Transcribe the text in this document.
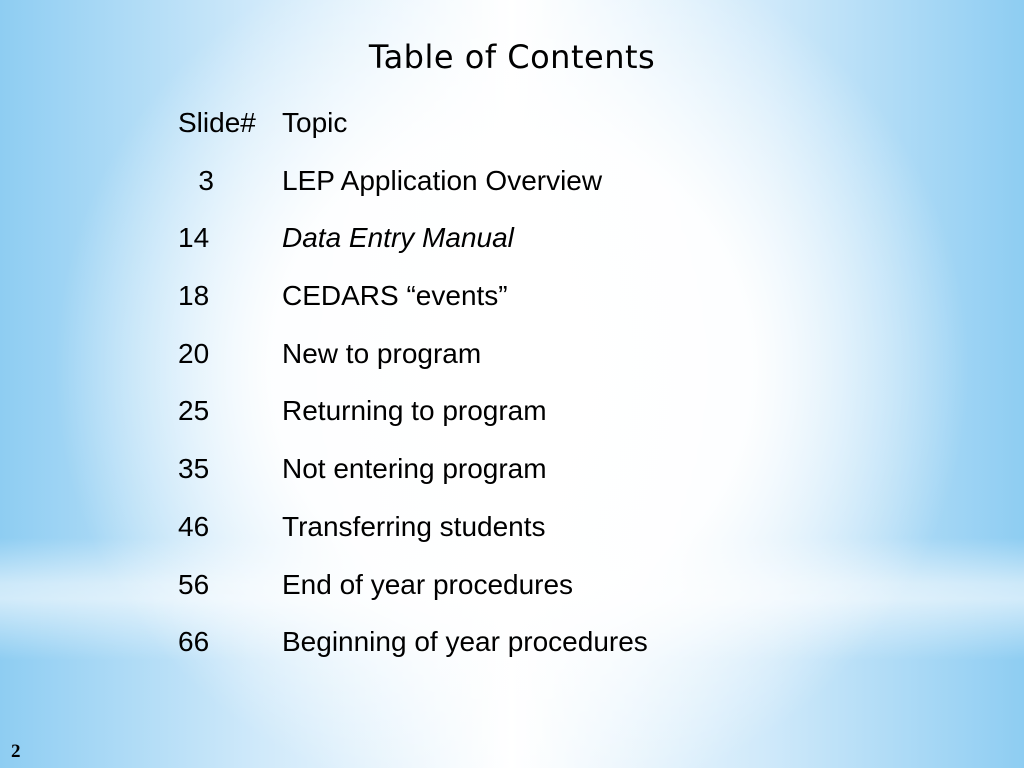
Table of Contents
Slide# Topic
3 LEP Application Overview
14	Data Entry Manual
18	CEDARS “events”
20	New to program
25	Returning to program
35	Not entering program
46	Transferring students
56	End of year procedures
66	Beginning of year procedures
2
